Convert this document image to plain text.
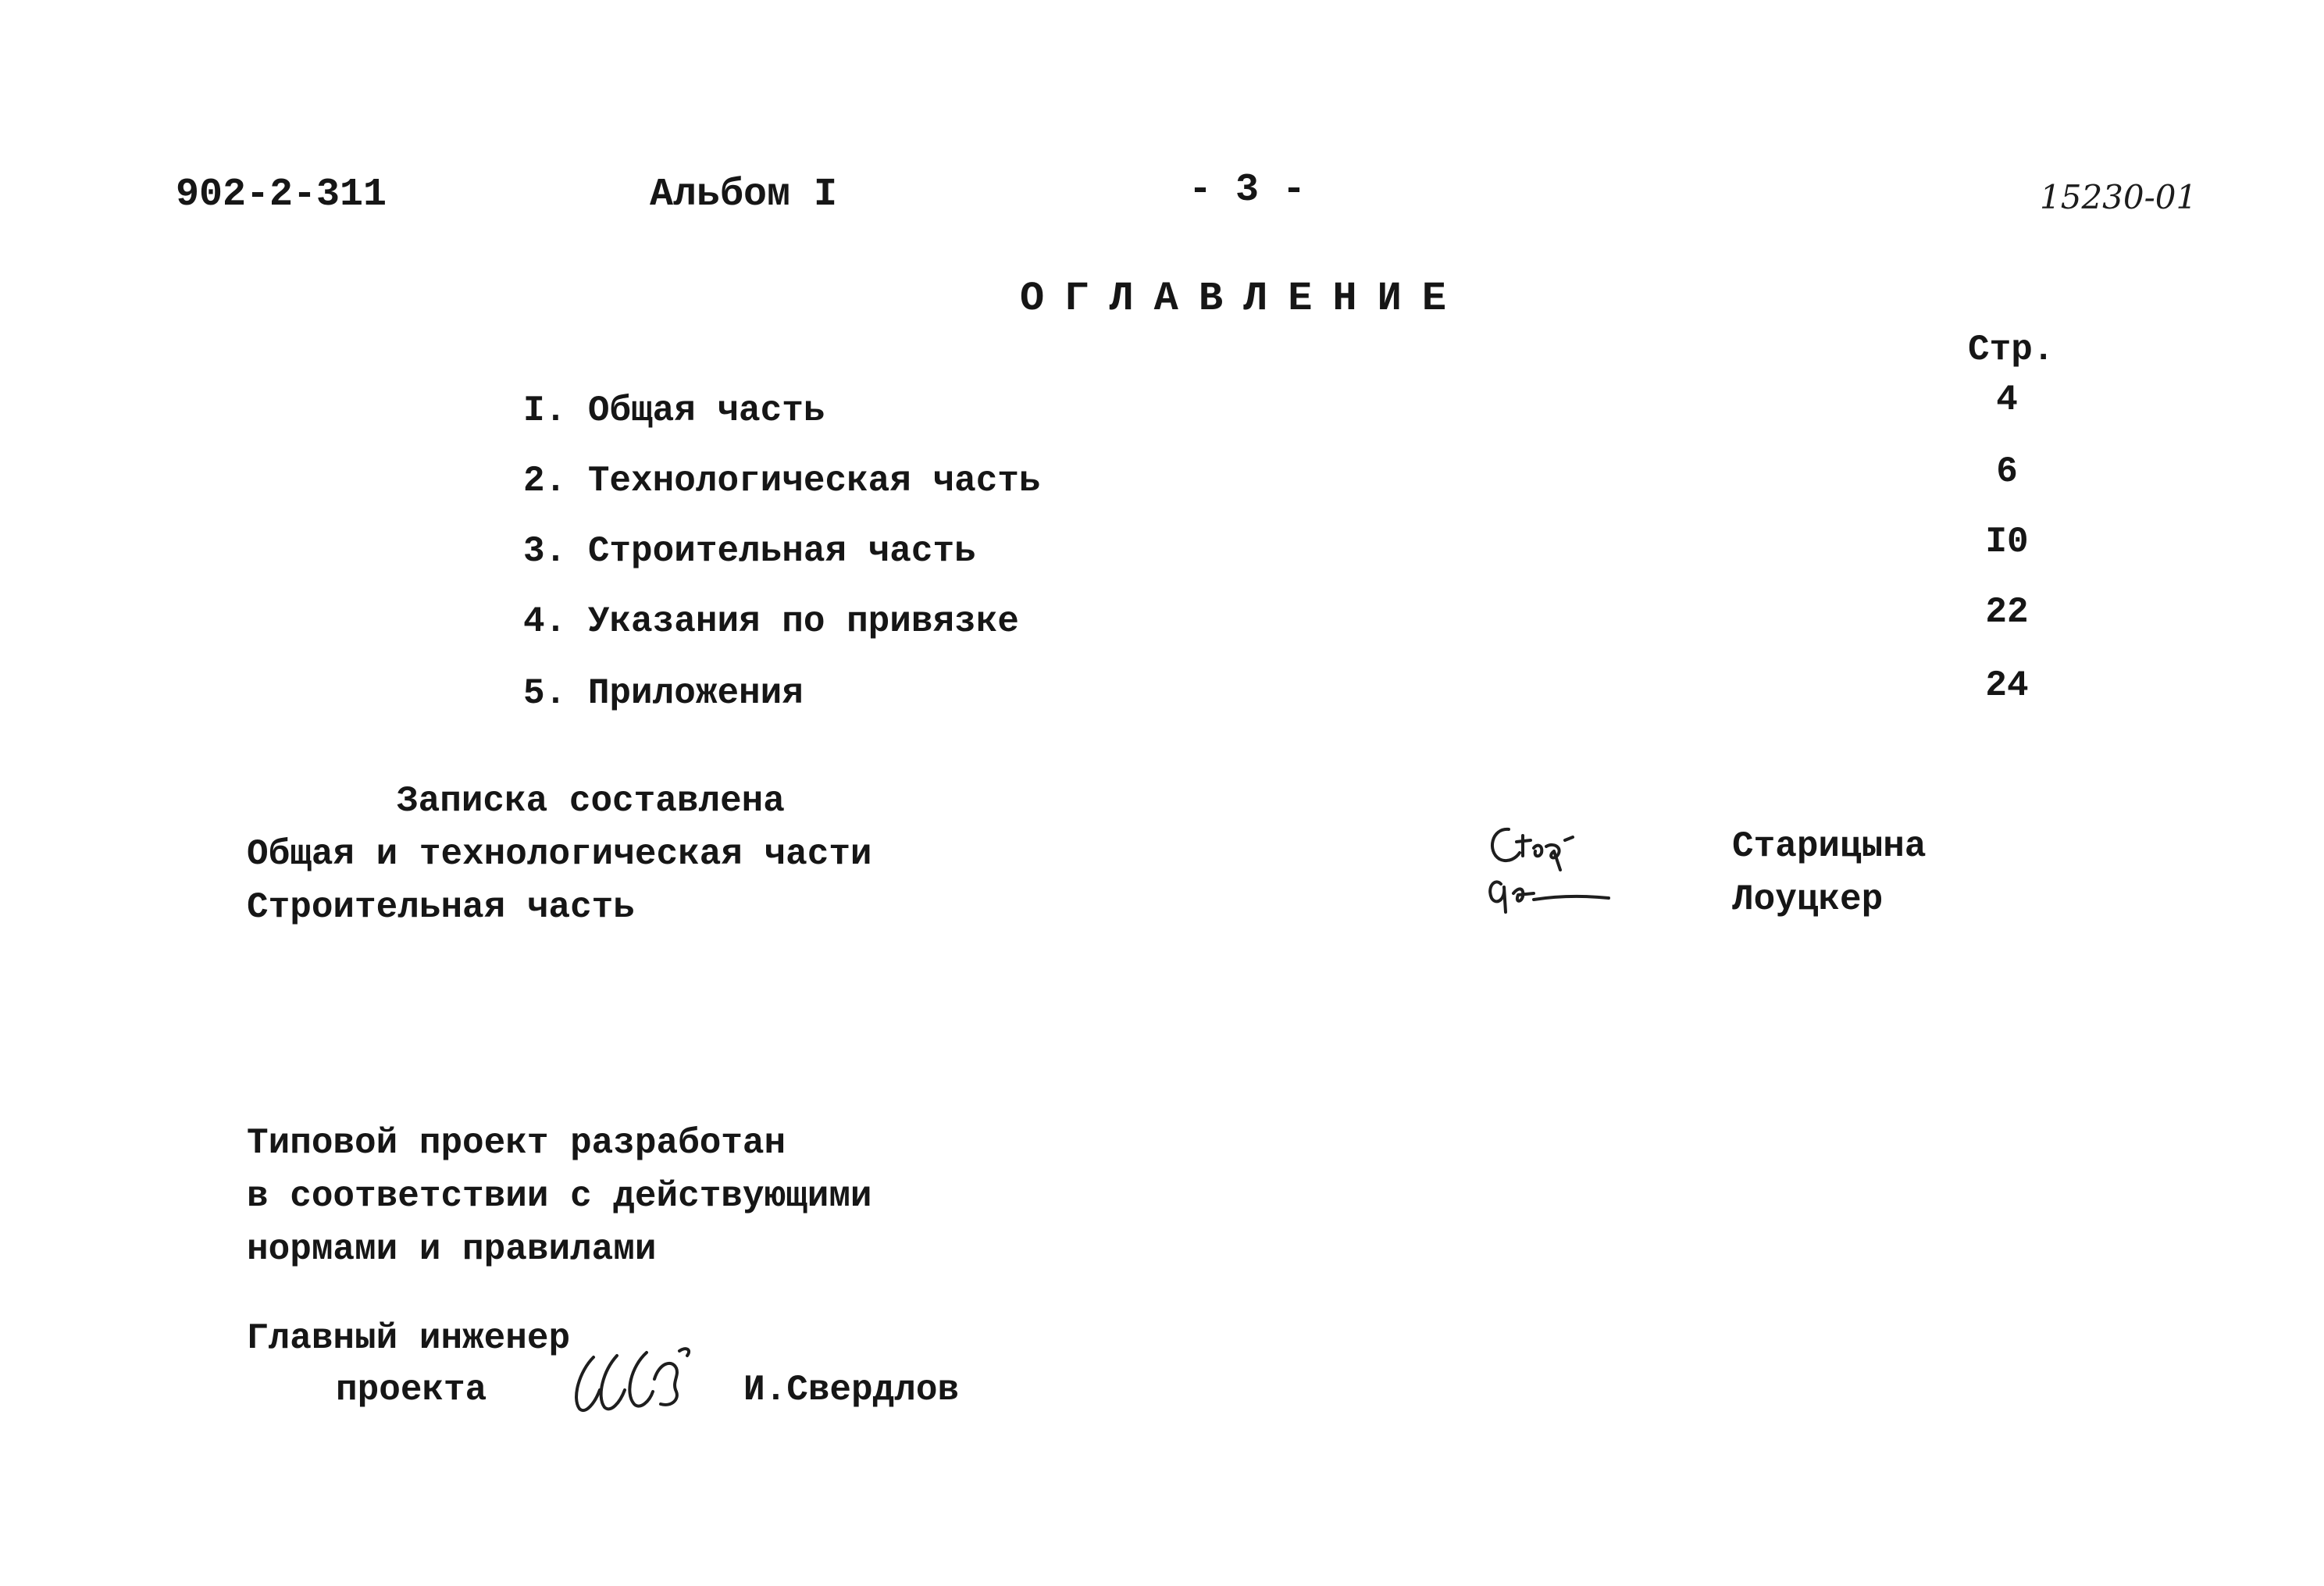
902-2-311	Альбом I	- 3 -	15230-01
ОГЛАВЛЕНИЕ
Стр.
I. Общая часть	4
2. Технологическая часть	6
3. Строительная часть	I0
4. Указания по привязке	22
5. Приложения	24
Записка составлена
Общая и технологическая части	Старицына
Строительная часть	Лоуцкер
Типовой проект разработан
в соответствии с действующими
нормами и правилами
Главный инженер
проекта	И.Свердлов
